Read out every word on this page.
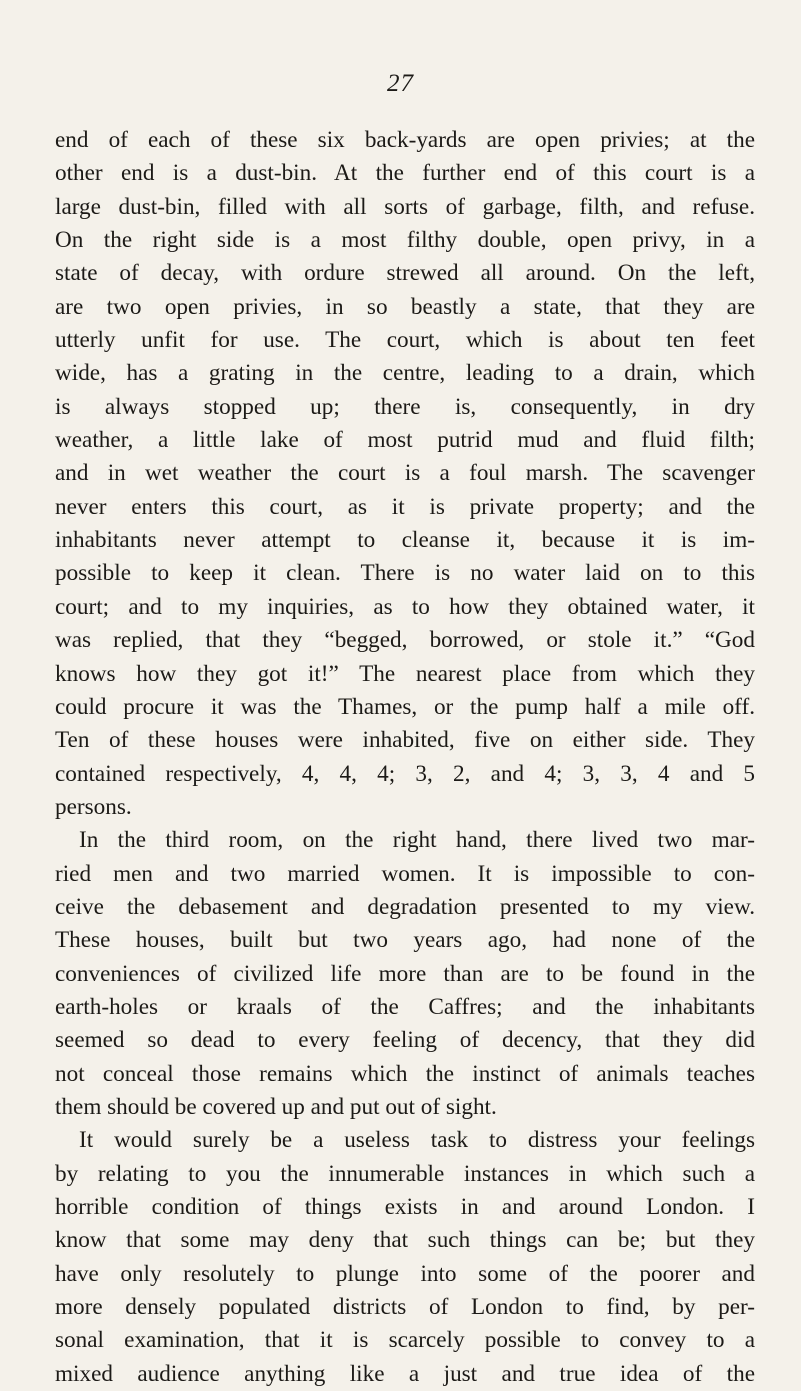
27
end of each of these six back-yards are open privies; at the
other end is a dust-bin. At the further end of this court is a
large dust-bin, filled with all sorts of garbage, filth, and refuse.
On the right side is a most filthy double, open privy, in a
state of decay, with ordure strewed all around. On the left,
are two open privies, in so beastly a state, that they are
utterly unfit for use. The court, which is about ten feet
wide, has a grating in the centre, leading to a drain, which
is always stopped up; there is, consequently, in dry
weather, a little lake of most putrid mud and fluid filth;
and in wet weather the court is a foul marsh. The scavenger
never enters this court, as it is private property; and the
inhabitants never attempt to cleanse it, because it is im-
possible to keep it clean. There is no water laid on to this
court; and to my inquiries, as to how they obtained water, it
was replied, that they “begged, borrowed, or stole it.” “God
knows how they got it!” The nearest place from which they
could procure it was the Thames, or the pump half a mile off.
Ten of these houses were inhabited, five on either side. They
contained respectively, 4, 4, 4; 3, 2, and 4; 3, 3, 4 and 5
persons.
In the third room, on the right hand, there lived two mar-
ried men and two married women. It is impossible to con-
ceive the debasement and degradation presented to my view.
These houses, built but two years ago, had none of the
conveniences of civilized life more than are to be found in the
earth-holes or kraals of the Caffres; and the inhabitants
seemed so dead to every feeling of decency, that they did
not conceal those remains which the instinct of animals teaches
them should be covered up and put out of sight.
It would surely be a useless task to distress your feelings
by relating to you the innumerable instances in which such a
horrible condition of things exists in and around London. I
know that some may deny that such things can be; but they
have only resolutely to plunge into some of the poorer and
more densely populated districts of London to find, by per-
sonal examination, that it is scarcely possible to convey to a
mixed audience anything like a just and true idea of the
